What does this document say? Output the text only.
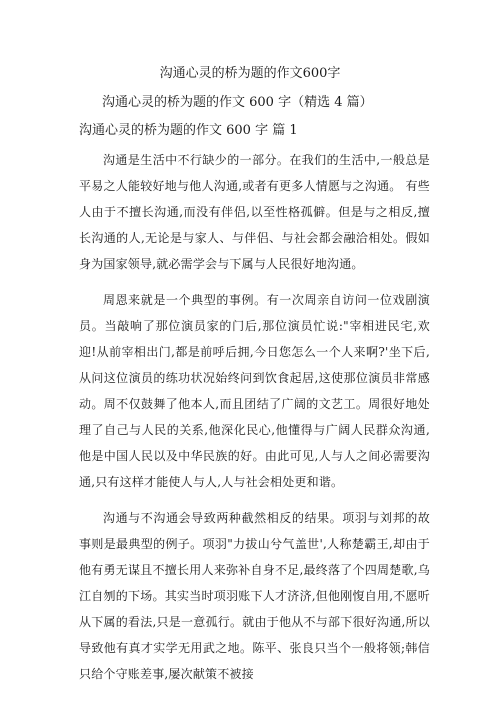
沟通心灵的桥为题的作文600字
沟通心灵的桥为题的作文 600 字（精选 4 篇）
沟通心灵的桥为题的作文 600 字 篇 1

沟通是生活中不行缺少的一部分。在我们的生活中,一般总是平易之人能较好地与他人沟通,或者有更多人情愿与之沟通。 有些人由于不擅长沟通,而没有伴侣,以至性格孤僻。但是与之相反,擅长沟通的人,无论是与家人、与伴侣、与社会都会融洽相处。假如身为国家领导,就必需学会与下属与人民很好地沟通。

周恩来就是一个典型的事例。有一次周亲自访问一位戏剧演员。当敲响了那位演员家的门后,那位演员忙说:"宰相进民宅,欢迎!从前宰相出门,都是前呼后拥,今日您怎么一个人来啊?'坐下后,从问这位演员的练功状况始终问到饮食起居,这使那位演员非常感动。周不仅鼓舞了他本人,而且团结了广阔的文艺工。周很好地处理了自己与人民的关系,他深化民心,他懂得与广阔人民群众沟通,他是中国人民以及中华民族的好。由此可见,人与人之间必需要沟通,只有这样才能使人与人,人与社会相处更和谐。

沟通与不沟通会导致两种截然相反的结果。项羽与刘邦的故事则是最典型的例子。项羽"力拔山兮气盖世',人称楚霸王,却由于他有勇无谋且不擅长用人来弥补自身不足,最终落了个四周楚歌,乌江自刎的下场。其实当时项羽账下人才济济,但他刚愎自用,不愿听从下属的看法,只是一意孤行。就由于他从不与部下很好沟通,所以导致他有真才实学无用武之地。陈平、张良只当个一般将领;韩信只给个守账差事,屡次献策不被接
